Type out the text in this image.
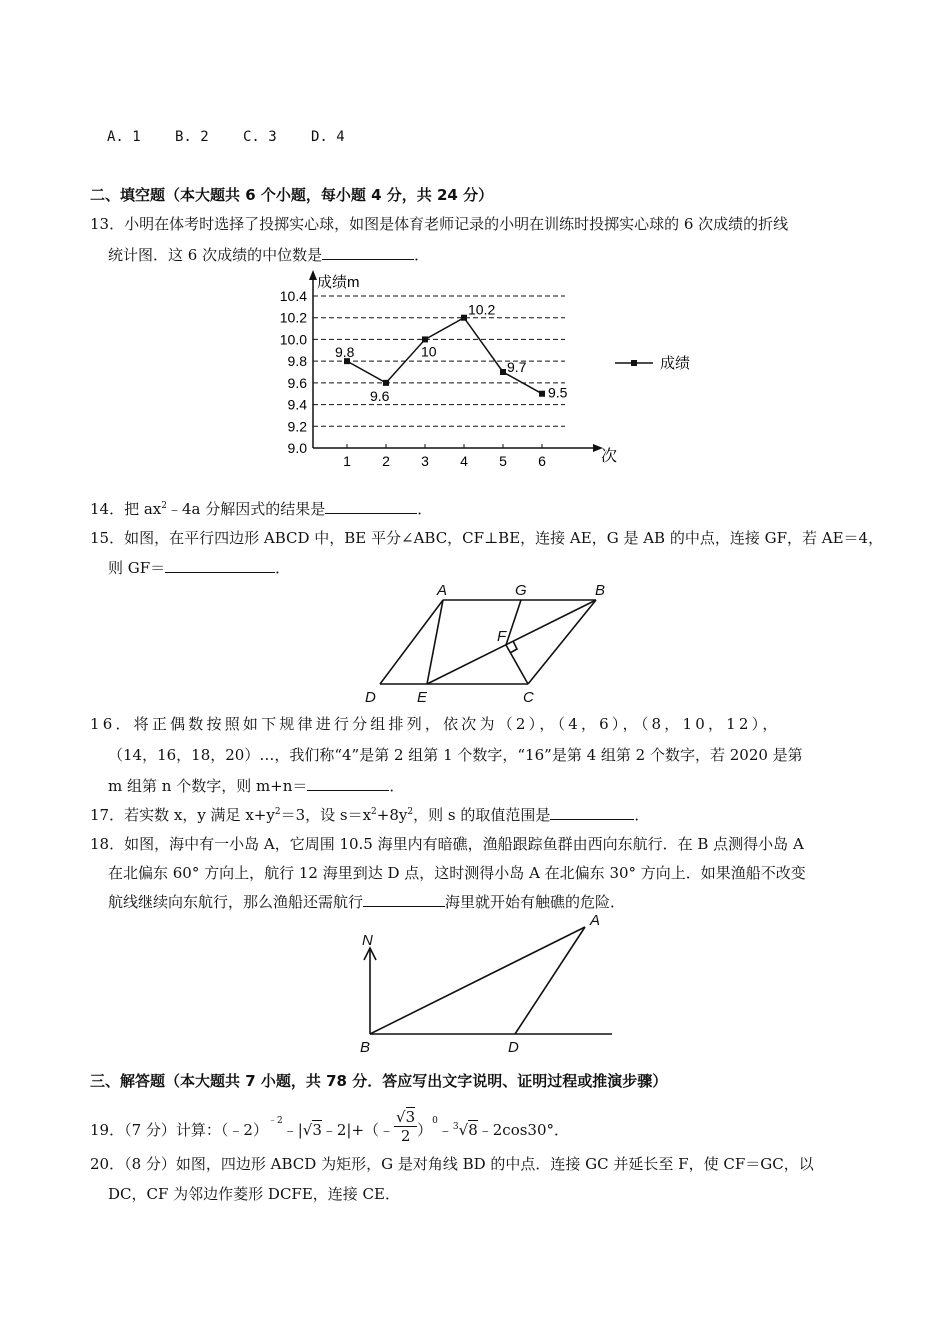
A. 1 B. 2 C. 3 D. 4
二、填空题（本大题共 6 个小题，每小题 4 分，共 24 分）
13．小明在体考时选择了投掷实心球，如图是体育老师记录的小明在训练时投掷实心球的 6 次成绩的折线
统计图．这 6 次成绩的中位数是	．
成绩m
次
9.0
9.2
9.4
9.6
9.8
10.0
10.2
10.4
1 2 3 4 5 6
9.8
9.6
10
10.2
9.7
9.5
成绩
14．把 $ax^2﹣4a$ 分解因式的结果是	．
15．如图，在平行四边形 ABCD 中，BE 平分∠ABC，CF⊥BE，连接 AE，G 是 AB 的中点，连接 GF，若 AE＝4，
则 GF＝	．
A	G	B
F
D	E	C
16．将正偶数按照如下规律进行分组排列，依次为（2），（4，6），（8，10，12），
（14，16，18，20）…，我们称“4”是第 2 组第 1 个数字，“16”是第 4 组第 2 个数字，若 2020 是第
m 组第 n 个数字，则 m+n＝	．
17．若实数 x，y 满足 $x+y^2=3$，设 $s=x^2+8y^2$，则 s 的取值范围是	．
18．如图，海中有一小岛 A，它周围 10.5 海里内有暗礁，渔船跟踪鱼群由西向东航行．在 B 点测得小岛 A
在北偏东 60° 方向上，航行 12 海里到达 D 点，这时测得小岛 A 在北偏东 30° 方向上．如果渔船不改变
航线继续向东航行，那么渔船还需航行	海里就开始有触礁的危险．
N
A
B	D
三、解答题（本大题共 7 小题，共 78 分．答应写出文字说明、证明过程或推演步骤）
19．（7 分）计算：（﹣2）$^{﹣2}$﹣|√3﹣2|+（﹣ $\frac{√3}{2}$ ）$^0$﹣$^3$√8﹣2cos30°．
20．（8 分）如图，四边形 ABCD 为矩形，G 是对角线 BD 的中点．连接 GC 并延长至 F，使 CF＝GC，以
DC，CF 为邻边作菱形 DCFE，连接 CE．
